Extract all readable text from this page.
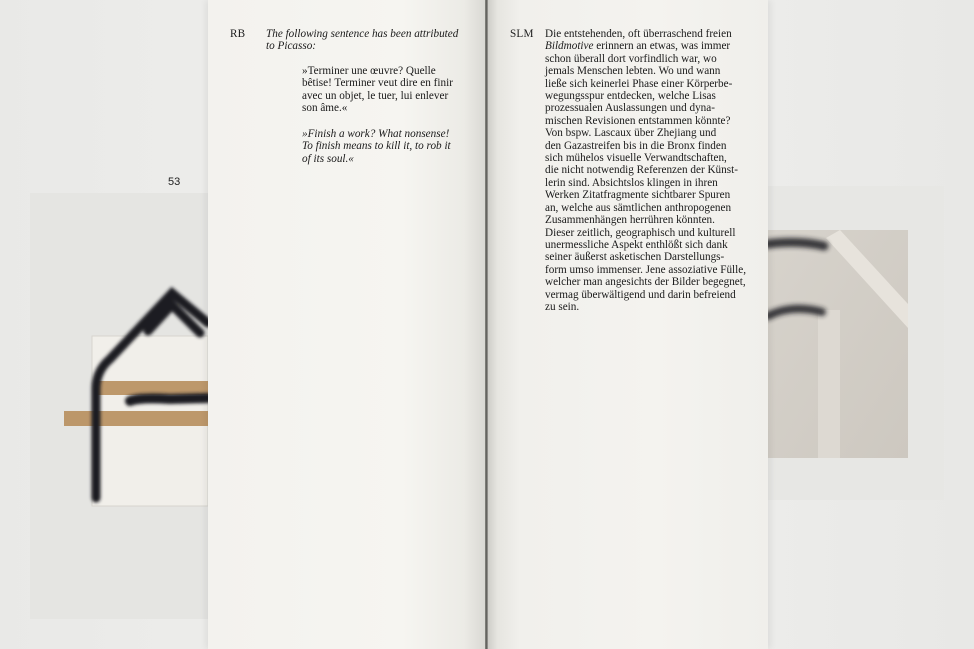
53
RB The following sentence has been attributed
to Picasso:
»Terminer une œuvre? Quelle
bêtise! Terminer veut dire en finir
avec un objet, le tuer, lui enlever
son âme.«
»Finish a work? What nonsense!
To finish means to kill it, to rob it
of its soul.«
SLM Die entstehenden, oft überraschend freien
Bildmotive erinnern an etwas, was immer
schon überall dort vorfindlich war, wo
jemals Menschen lebten. Wo und wann
ließe sich keinerlei Phase einer Körperbe-
wegungsspur entdecken, welche Lisas
prozessualen Auslassungen und dyna-
mischen Revisionen entstammen könnte?
Von bspw. Lascaux über Zhejiang und
den Gazastreifen bis in die Bronx finden
sich mühelos visuelle Verwandtschaften,
die nicht notwendig Referenzen der Künst-
lerin sind. Absichtslos klingen in ihren
Werken Zitatfragmente sichtbarer Spuren
an, welche aus sämtlichen anthropogenen
Zusammenhängen herrühren könnten.
Dieser zeitlich, geographisch und kulturell
unermessliche Aspekt enthlößt sich dank
seiner äußerst asketischen Darstellungs-
form umso immenser. Jene assoziative Fülle,
welcher man angesichts der Bilder begegnet,
vermag überwältigend und darin befreiend
zu sein.
